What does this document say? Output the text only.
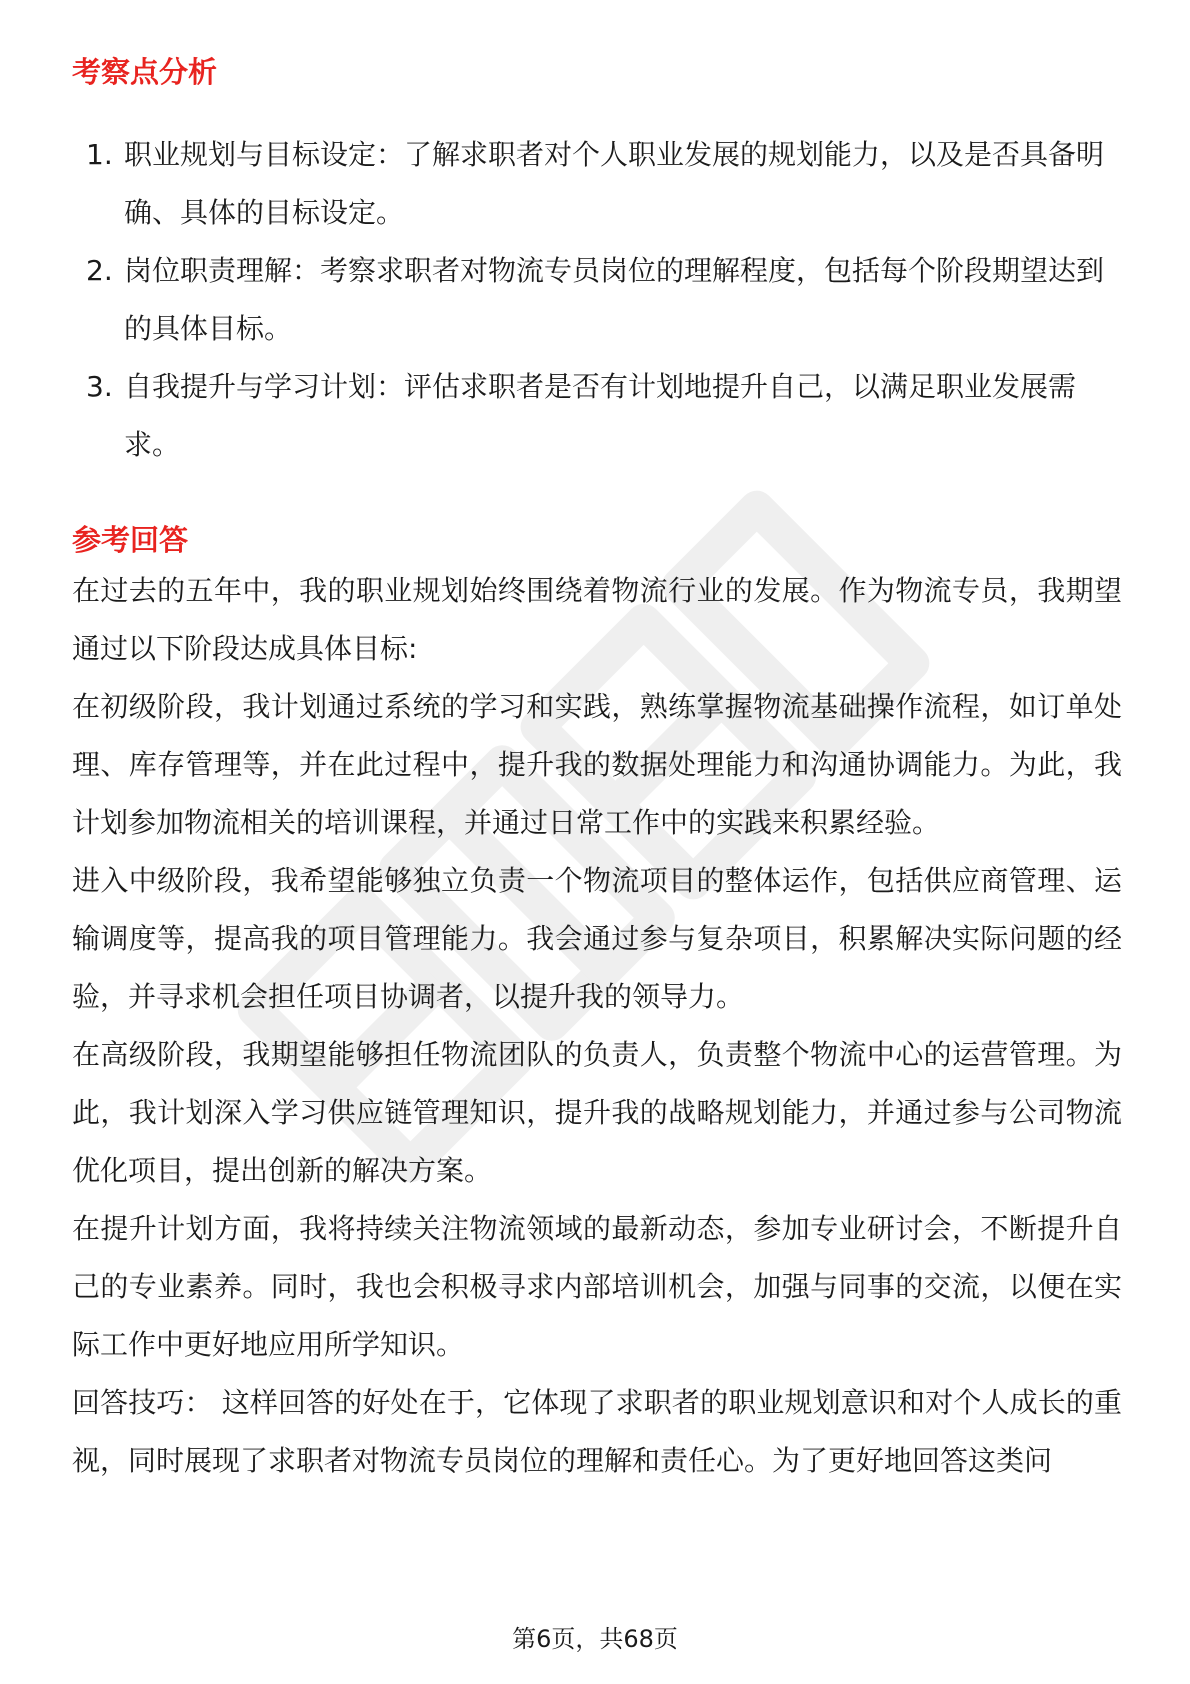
考察点分析
1. 职业规划与目标设定：了解求职者对个人职业发展的规划能力，以及是否具备明确、具体的目标设定。
2. 岗位职责理解：考察求职者对物流专员岗位的理解程度，包括每个阶段期望达到的具体目标。
3. 自我提升与学习计划：评估求职者是否有计划地提升自己，以满足职业发展需求。
参考回答

在过去的五年中，我的职业规划始终围绕着物流行业的发展。作为物流专员，我期望通过以下阶段达成具体目标:

在初级阶段，我计划通过系统的学习和实践，熟练掌握物流基础操作流程，如订单处理、库存管理等，并在此过程中，提升我的数据处理能力和沟通协调能力。为此，我计划参加物流相关的培训课程，并通过日常工作中的实践来积累经验。

进入中级阶段，我希望能够独立负责一个物流项目的整体运作，包括供应商管理、运输调度等，提高我的项目管理能力。我会通过参与复杂项目，积累解决实际问题的经验，并寻求机会担任项目协调者，以提升我的领导力。

在高级阶段，我期望能够担任物流团队的负责人，负责整个物流中心的运营管理。为此，我计划深入学习供应链管理知识，提升我的战略规划能力，并通过参与公司物流优化项目，提出创新的解决方案。

在提升计划方面，我将持续关注物流领域的最新动态，参加专业研讨会，不断提升自己的专业素养。同时，我也会积极寻求内部培训机会，加强与同事的交流，以便在实际工作中更好地应用所学知识。

回答技巧： 这样回答的好处在于，它体现了求职者的职业规划意识和对个人成长的重视，同时展现了求职者对物流专员岗位的理解和责任心。为了更好地回答这类问

第6页，共68页
